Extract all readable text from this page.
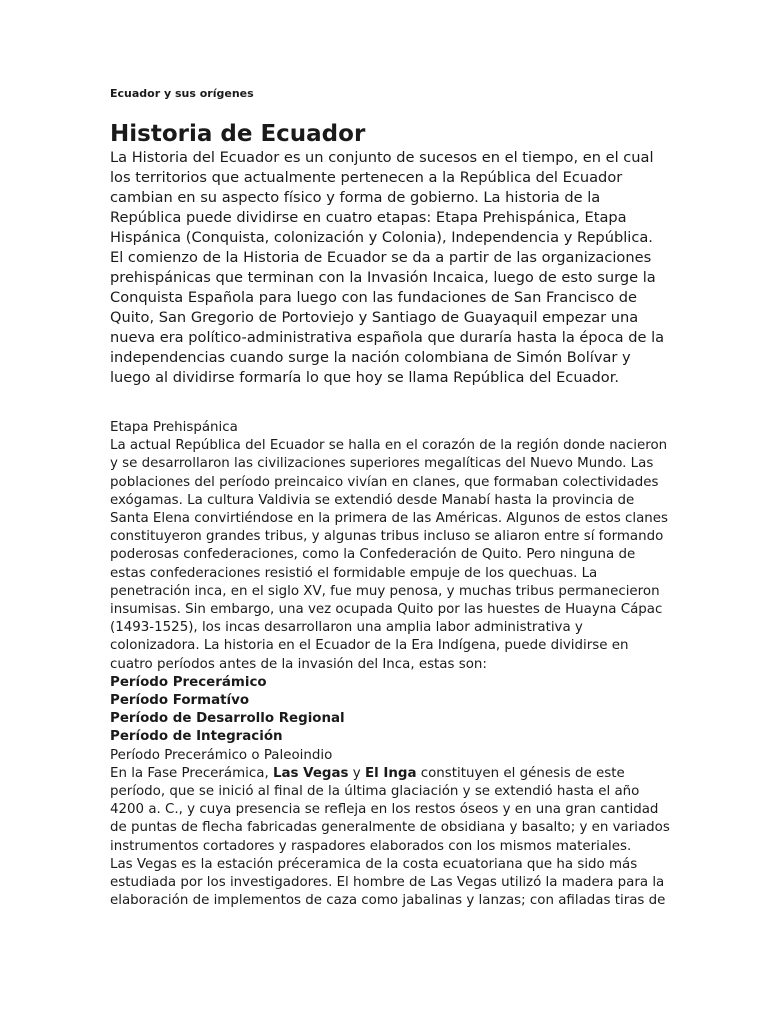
Ecuador y sus orígenes
Historia de Ecuador

La Historia del Ecuador es un conjunto de sucesos en el tiempo, en el cual los territorios que actualmente pertenecen a la República del Ecuador cambian en su aspecto físico y forma de gobierno. La historia de la República puede dividirse en cuatro etapas: Etapa Prehispánica, Etapa Hispánica (Conquista, colonización y Colonia), Independencia y República.

El comienzo de la Historia de Ecuador se da a partir de las organizaciones prehispánicas que terminan con la Invasión Incaica, luego de esto surge la Conquista Española para luego con las fundaciones de San Francisco de Quito, San Gregorio de Portoviejo y Santiago de Guayaquil empezar una nueva era político-administrativa española que duraría hasta la época de la independencias cuando surge la nación colombiana de Simón Bolívar y luego al dividirse formaría lo que hoy se llama República del Ecuador.

Etapa Prehispánica

La actual República del Ecuador se halla en el corazón de la región donde nacieron y se desarrollaron las civilizaciones superiores megalíticas del Nuevo Mundo. Las poblaciones del período preincaico vivían en clanes, que formaban colectividades exógamas. La cultura Valdivia se extendió desde Manabí hasta la provincia de Santa Elena convirtiéndose en la primera de las Américas. Algunos de estos clanes constituyeron grandes tribus, y algunas tribus incluso se aliaron entre sí formando poderosas confederaciones, como la Confederación de Quito. Pero ninguna de estas confederaciones resistió el formidable empuje de los quechuas. La penetración inca, en el siglo XV, fue muy penosa, y muchas tribus permanecieron insumisas. Sin embargo, una vez ocupada Quito por las huestes de Huayna Cápac (1493-1525), los incas desarrollaron una amplia labor administrativa y colonizadora. La historia en el Ecuador de la Era Indígena, puede dividirse en cuatro períodos antes de la invasión del Inca, estas son:

Período Precerámico

Período Formatívo

Período de Desarrollo Regional

Período de Integración

Período Precerámico o Paleoindio

En la Fase Precerámica, Las Vegas y El Inga constituyen el génesis de este período, que se inició al final de la última glaciación y se extendió hasta el año 4200 a. C., y cuya presencia se refleja en los restos óseos y en una gran cantidad de puntas de flecha fabricadas generalmente de obsidiana y basalto; y en variados instrumentos cortadores y raspadores elaborados con los mismos materiales.

Las Vegas es la estación préceramica de la costa ecuatoriana que ha sido más estudiada por los investigadores. El hombre de Las Vegas utilizó la madera para la elaboración de implementos de caza como jabalinas y lanzas; con afiladas tiras de
